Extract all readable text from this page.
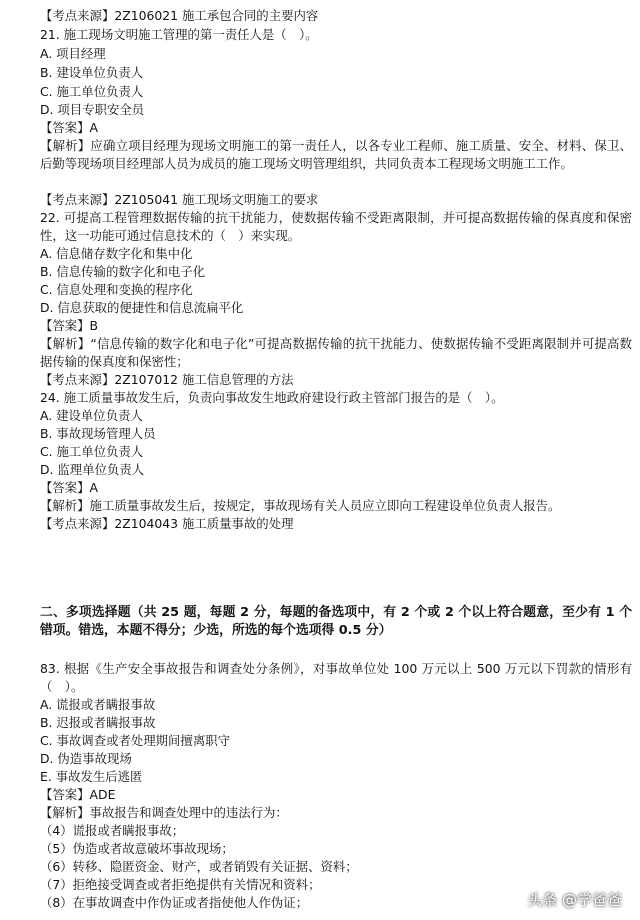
【考点来源】2Z106021 施工承包合同的主要内容
21. 施工现场文明施工管理的第一责任人是（　）。
A. 项目经理
B. 建设单位负责人
C. 施工单位负责人
D. 项目专职安全员
【答案】A
【解析】应确立项目经理为现场文明施工的第一责任人，以各专业工程师、施工质量、安全、材料、保卫、后勤等现场项目经理部人员为成员的施工现场文明管理组织，共同负责本工程现场文明施工工作。
【考点来源】2Z105041 施工现场文明施工的要求
22. 可提高工程管理数据传输的抗干扰能力，使数据传输不受距离限制，并可提高数据传输的保真度和保密性，这一功能可通过信息技术的（　）来实现。
A. 信息储存数字化和集中化
B. 信息传输的数字化和电子化
C. 信息处理和变换的程序化
D. 信息获取的便捷性和信息流扁平化
【答案】B
【解析】“信息传输的数字化和电子化”可提高数据传输的抗干扰能力、使数据传输不受距离限制并可提高数据传输的保真度和保密性；
【考点来源】2Z107012 施工信息管理的方法
24. 施工质量事故发生后，负责向事故发生地政府建设行政主管部门报告的是（　）。
A. 建设单位负责人
B. 事故现场管理人员
C. 施工单位负责人
D. 监理单位负责人
【答案】A
【解析】施工质量事故发生后，按规定，事故现场有关人员应立即向工程建设单位负责人报告。
【考点来源】2Z104043 施工质量事故的处理
二、多项选择题（共 25 题，每题 2 分，每题的备选项中，有 2 个或 2 个以上符合题意，至少有 1 个错项。错选，本题不得分；少选，所选的每个选项得 0.5 分）
83. 根据《生产安全事故报告和调查处分条例》，对事故单位处 100 万元以上 500 万元以下罚款的情形有（　）。
A. 谎报或者瞒报事故
B. 迟报或者瞒报事故
C. 事故调查或者处理期间擅离职守
D. 伪造事故现场
E. 事故发生后逃匿
【答案】ADE
【解析】事故报告和调查处理中的违法行为：
（4）谎报或者瞒报事故；
（5）伪造或者故意破坏事故现场；
（6）转移、隐匿资金、财产，或者销毁有关证据、资料；
（7）拒绝接受调查或者拒绝提供有关情况和资料；
（8）在事故调查中作伪证或者指使他人作伪证；	头条 @学爸爸
